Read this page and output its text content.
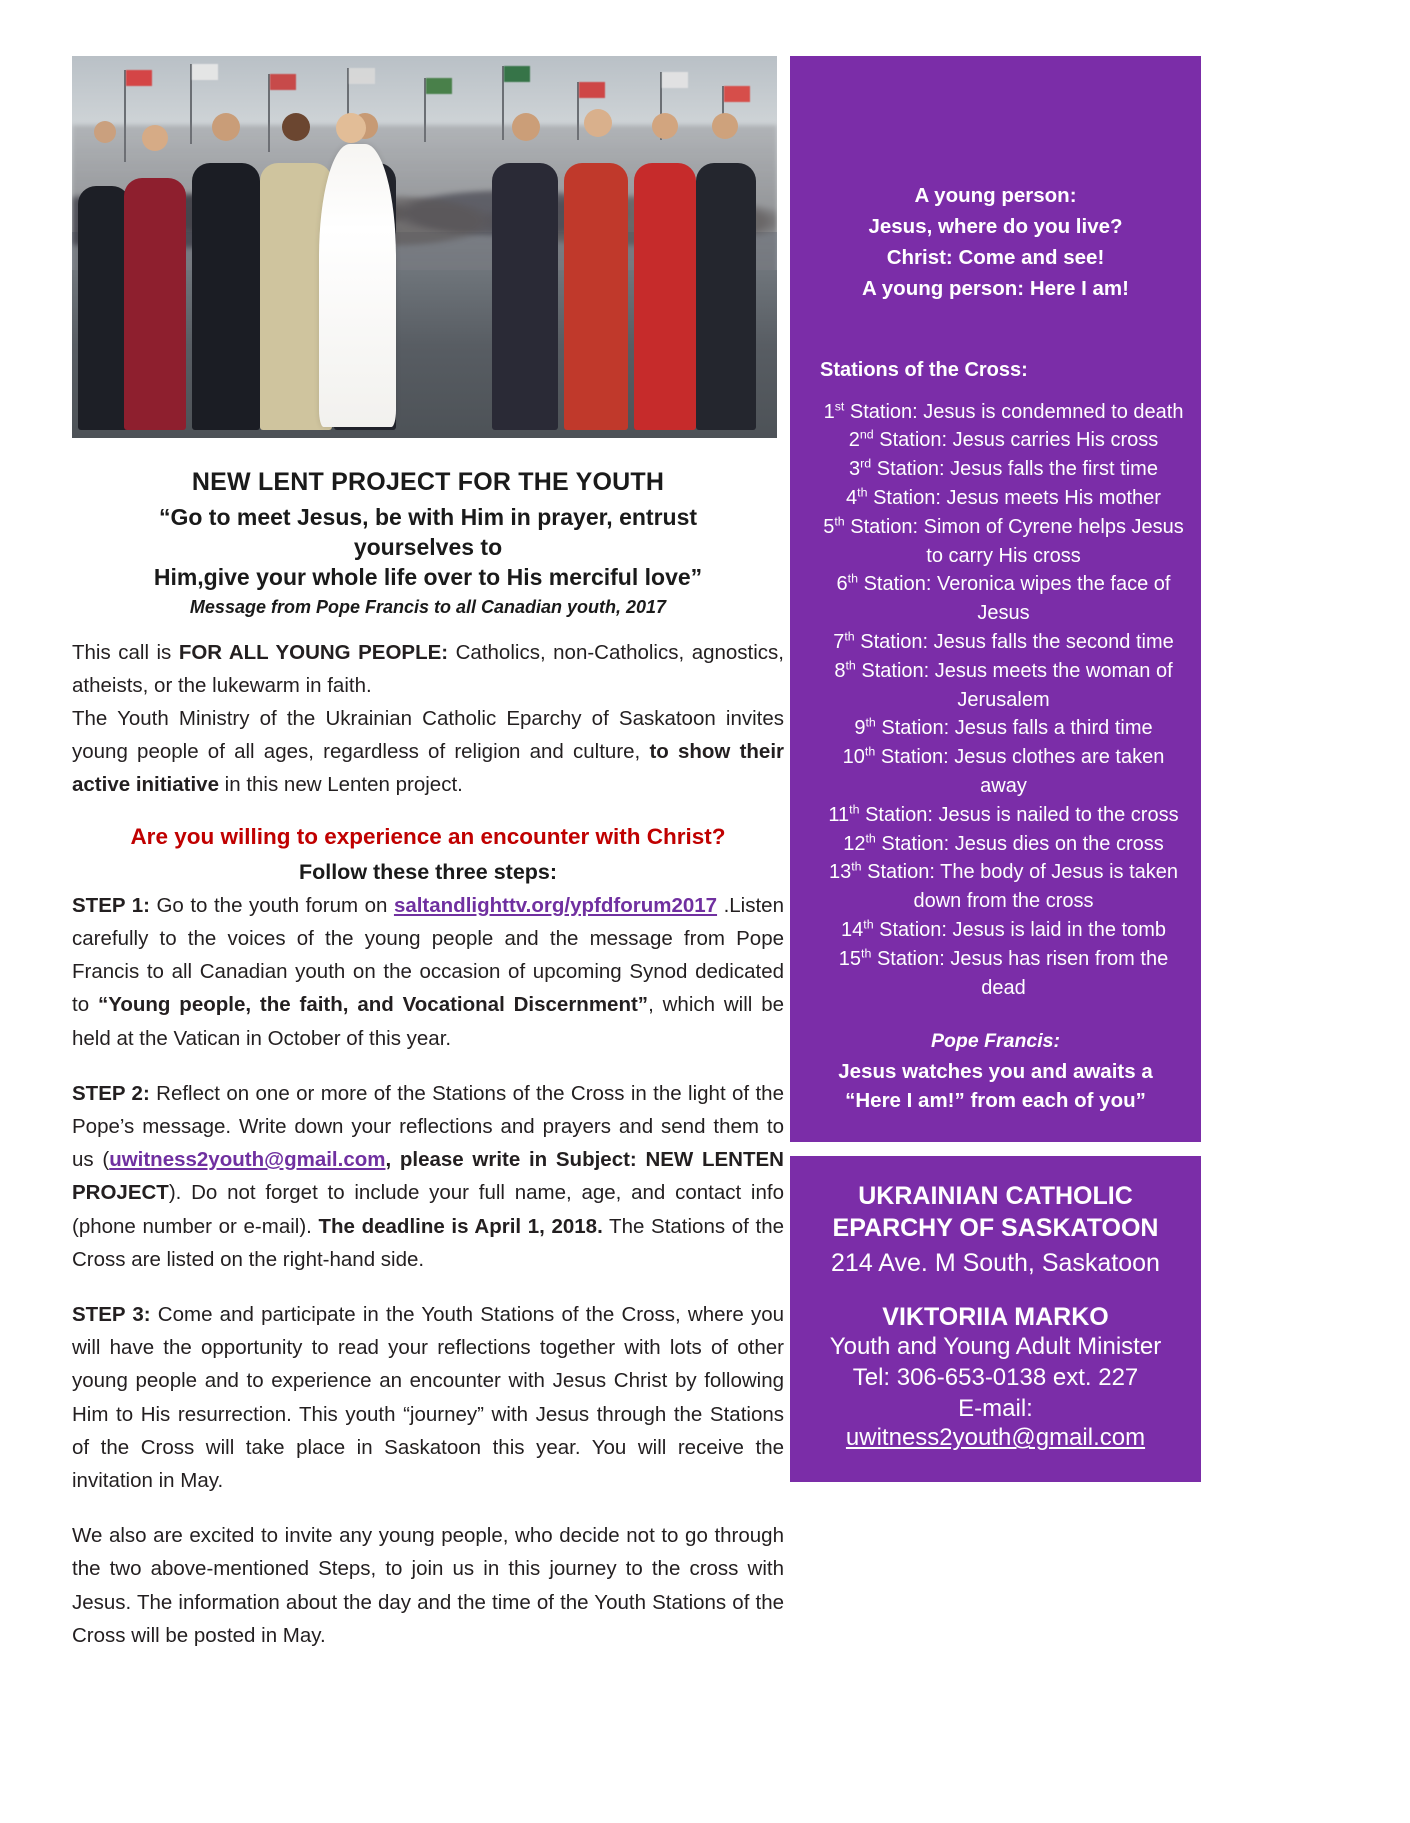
NEW LENT PROJECT FOR THE YOUTH
“Go to meet Jesus, be with Him in prayer, entrust yourselves to
Him,give your whole life over to His merciful love”
Message from Pope Francis to all Canadian youth, 2017

This call is FOR ALL YOUNG PEOPLE: Catholics, non-Catholics, agnostics, atheists, or the lukewarm in faith.

The Youth Ministry of the Ukrainian Catholic Eparchy of Saskatoon invites young people of all ages, regardless of religion and culture, to show their active initiative in this new Lenten project.

Are you willing to experience an encounter with Christ?
Follow these three steps:

STEP 1: Go to the youth forum on saltandlighttv.org/ypfdforum2017 .Listen carefully to the voices of the young people and the message from Pope Francis to all Canadian youth on the occasion of upcoming Synod dedicated to “Young people, the faith, and Vocational Discernment”, which will be held at the Vatican in October of this year.

STEP 2: Reflect on one or more of the Stations of the Cross in the light of the Pope’s message. Write down your reflections and prayers and send them to us (uwitness2youth@gmail.com, please write in Subject: NEW LENTEN PROJECT). Do not forget to include your full name, age, and contact info (phone number or e-mail). The deadline is April 1, 2018. The Stations of the Cross are listed on the right-hand side.

STEP 3: Come and participate in the Youth Stations of the Cross, where you will have the opportunity to read your reflections together with lots of other young people and to experience an encounter with Jesus Christ by following Him to His resurrection. This youth “journey” with Jesus through the Stations of the Cross will take place in Saskatoon this year. You will receive the invitation in May.

We also are excited to invite any young people, who decide not to go through the two above-mentioned Steps, to join us in this journey to the cross with Jesus. The information about the day and the time of the Youth Stations of the Cross will be posted in May.

A young person:
Jesus, where do you live?
Christ: Come and see!
A young person: Here I am!
Stations of the Cross:
1st Station: Jesus is condemned to death
2nd Station: Jesus carries His cross
3rd Station: Jesus falls the first time
4th Station: Jesus meets His mother
5th Station: Simon of Cyrene helps Jesus to carry His cross
6th Station: Veronica wipes the face of Jesus
7th Station: Jesus falls the second time
8th Station: Jesus meets the woman of Jerusalem
9th Station: Jesus falls a third time
10th Station: Jesus clothes are taken away
11th Station: Jesus is nailed to the cross
12th Station: Jesus dies on the cross
13th Station: The body of Jesus is taken down from the cross
14th Station: Jesus is laid in the tomb
15th Station: Jesus has risen from the dead
Pope Francis:
Jesus watches you and awaits a “Here I am!” from each of you”
UKRAINIAN CATHOLIC
EPARCHY OF SASKATOON
214 Ave. M South, Saskatoon
VIKTORIIA MARKO
Youth and Young Adult Minister
Tel: 306-653-0138 ext. 227
E-mail:
uwitness2youth@gmail.com
